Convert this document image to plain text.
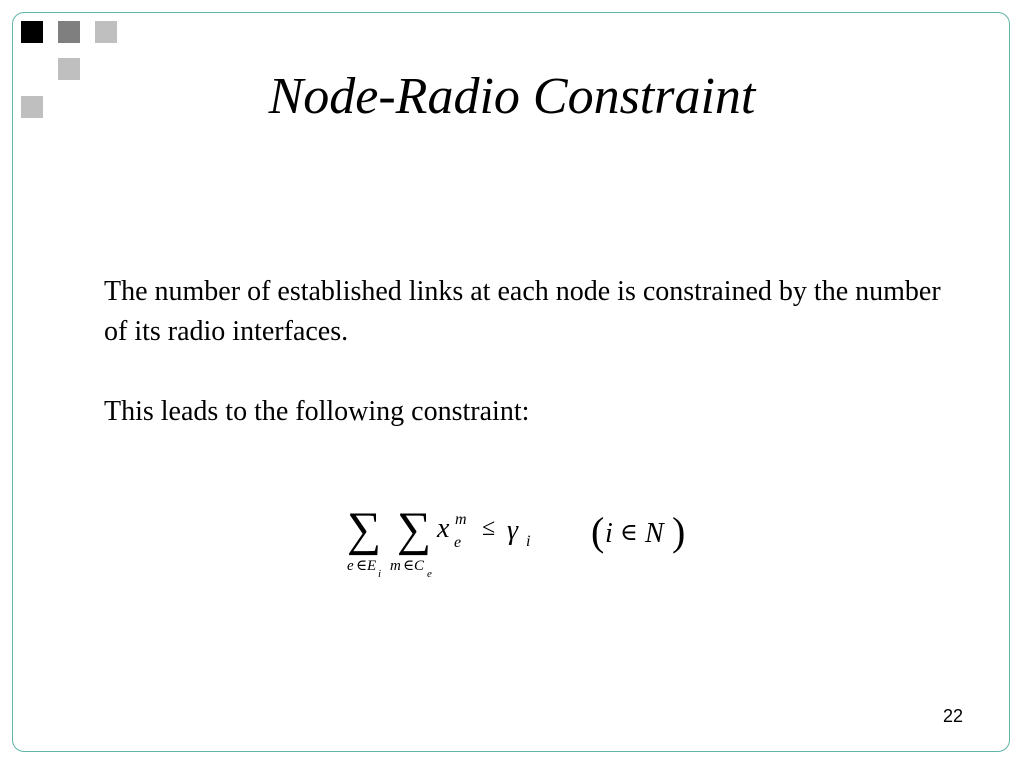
Node-Radio Constraint

The number of established links at each node is constrained by the number of its radio interfaces.

This leads to the following constraint:

∑
e ∈ E i
∑
m ∈ C e
x m
e
≤ γ i ( i ∈ N )
22
